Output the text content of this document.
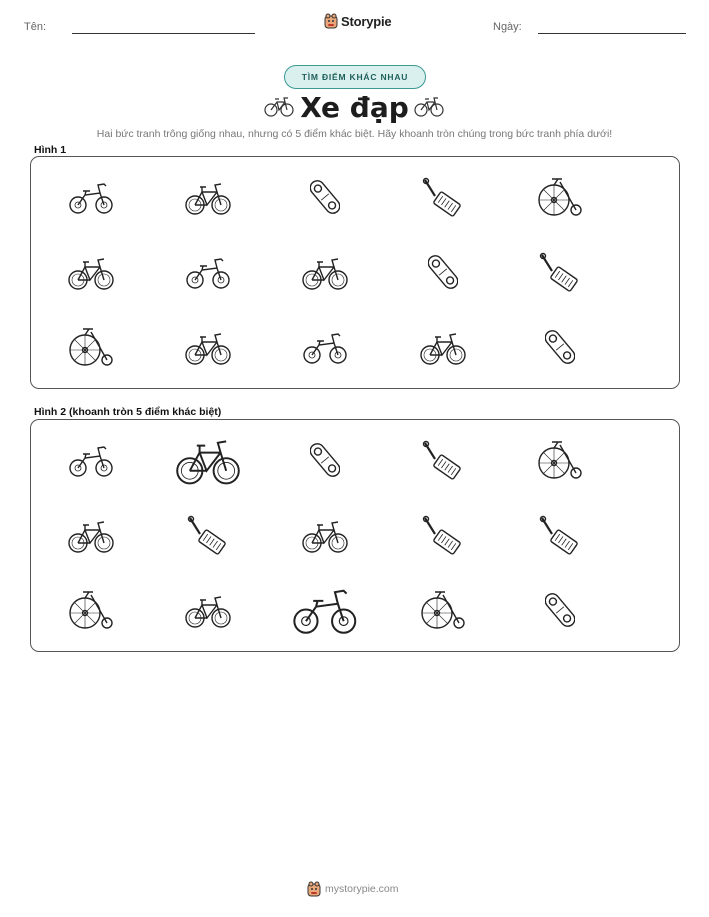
Tên:	Storypie	Ngày:
TÌM ĐIỂM KHÁC NHAU
Xe đạp
Hai bức tranh trông giống nhau, nhưng có 5 điểm khác biệt. Hãy khoanh tròn chúng trong bức tranh phía dưới!
Hình 1
Hình 2 (khoanh tròn 5 điểm khác biệt)
mystorypie.com
